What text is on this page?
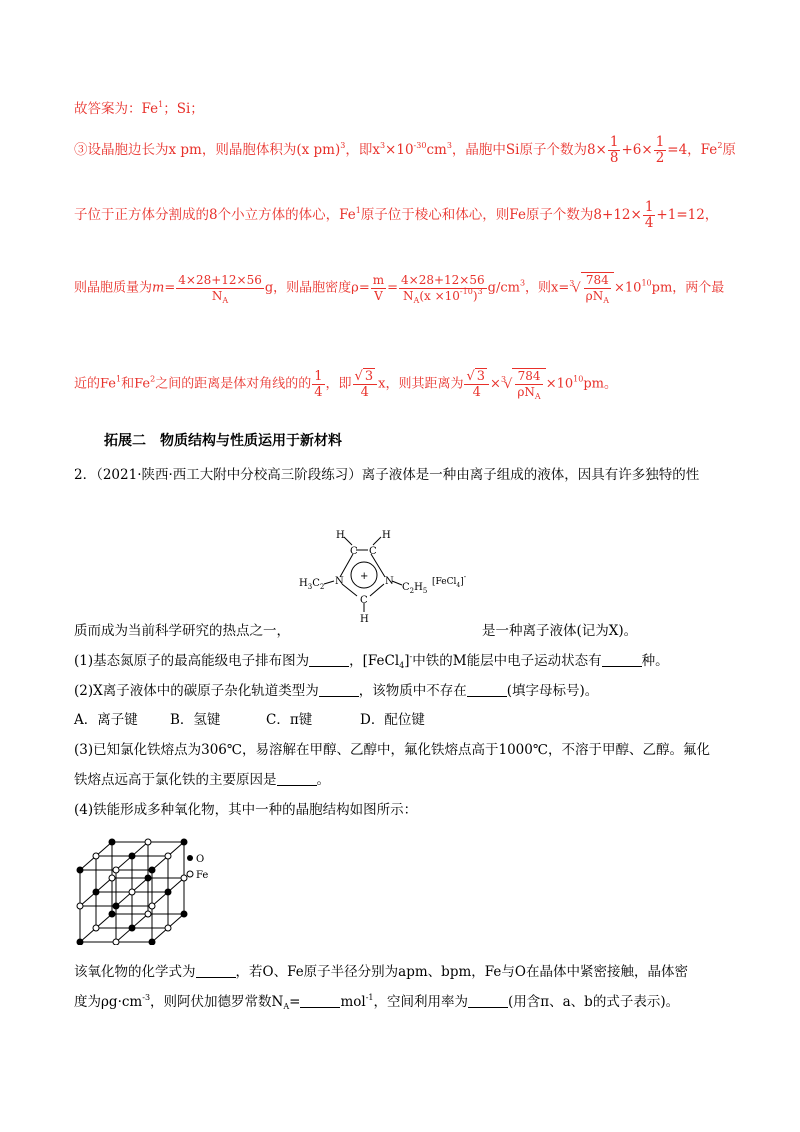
故答案为：Fe$^1$；Si；
③设晶胞边长为x pm，则晶胞体积为(x pm)$^3$，即$x^3\times 10^{-30}cm^3$，晶胞中Si原子个数为$8\times \frac{1}{8} +6\times \frac{1}{2} =4$，Fe$^2$原
子位于正方体分割成的8个小立方体的体心，Fe$^1$原子位于棱心和体心，则Fe原子个数为$8+12\times \frac{1}{4} +1=12$，
则晶胞质量为$m= \frac{4\times 28+12\times 56}{N_A}$ g，则晶胞密度$\rho= \frac{m}{V} = \frac{4\times 28+12\times 56}{N_A(x \times 10^{-10})^3} g/cm^3$，则$x=^3√ \frac{784}{\rho N_A} \times 10^{10}pm$，两个最
近的Fe$^1$和Fe$^2$之间的距离是体对角线的的 $\frac{1}{4}$ ，即 $\frac{√ 3}{4}$ x，则其距离为 $\frac{√ 3}{4} \times^3√ \frac{784}{\rho N_A} \times 10^{10}pm$。
拓展二　物质结构与性质运用于新材料
2．（2021·陕西·西工大附中分校高三阶段练习）离子液体是一种由离子组成的液体，因具有许多独特的性
H	H
C C
N	N
+
C
H
$H_3C_2$	$C_2H_5$
[FeCl$_4$]-
质而成为当前科学研究的热点之一，	是一种离子液体(记为X)。
(1)基态氮原子的最高能级电子排布图为	，[FeCl$_4$]-中铁的M能层中电子运动状态有	种。
(2)X离子液体中的碳原子杂化轨道类型为	，该物质中不存在	(填字母标号)。
A．离子键 B．氢键	C．π键	D．配位键
(3)已知氯化铁熔点为306℃，易溶解在甲醇、乙醇中，氟化铁熔点高于1000℃，不溶于甲醇、乙醇。氟化
铁熔点远高于氯化铁的主要原因是	。
(4)铁能形成多种氧化物，其中一种的晶胞结构如图所示：
O
Fe
该氧化物的化学式为	，若O、Fe原子半径分别为apm、bpm，Fe与O在晶体中紧密接触，晶体密
度为$\rho g\cdot cm^{-3}$，则阿伏加德罗常数$N_A=$	mol$^{-1}$，空间利用率为	(用含π、a、b的式子表示)。
